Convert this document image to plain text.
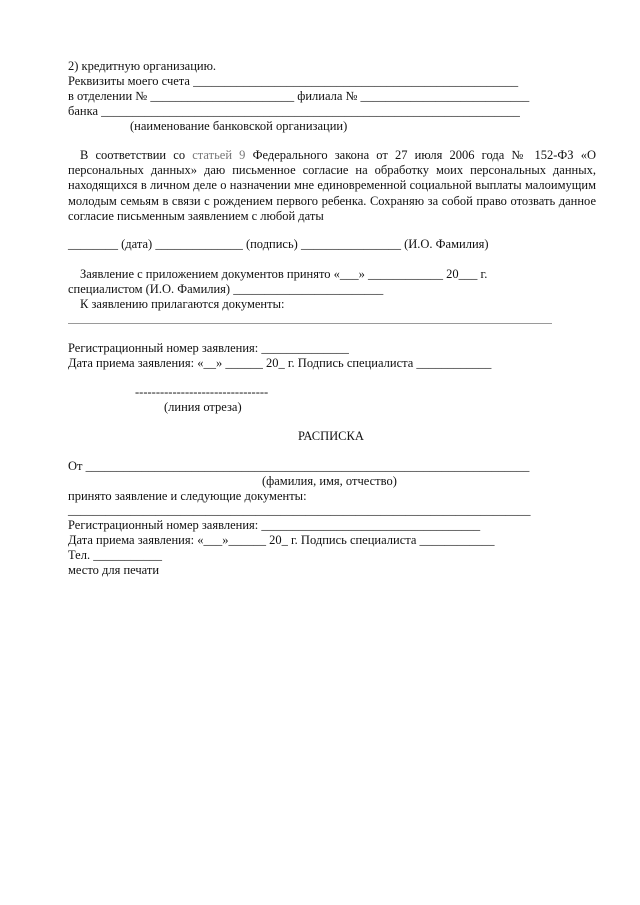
2) кредитную организацию.
Реквизиты моего счета ____________________________________________________
в отделении № _______________________ филиала № ___________________________
банка ___________________________________________________________________
(наименование банковской организации)

В соответствии со статьей 9 Федерального закона от 27 июля 2006 года № 152-ФЗ «О персональных данных» даю письменное согласие на обработку моих персональных данных, находящихся в личном деле о назначении мне единовременной социальной выплаты малоимущим молодым семьям в связи с рождением первого ребенка. Сохраняю за собой право отозвать данное согласие письменным заявлением с любой даты

________ (дата) ______________ (подпись) ________________ (И.О. Фамилия)
Заявление с приложением документов принято «___» ____________ 20___ г.
специалистом (И.О. Фамилия) ________________________
К заявлению прилагаются документы:
Регистрационный номер заявления: ______________
Дата приема заявления: «__» ______ 20_ г. Подпись специалиста ____________
--------------------------------
(линия отреза)
РАСПИСКА
От _______________________________________________________________________
(фамилия, имя, отчество)
принято заявление и следующие документы:
__________________________________________________________________________
Регистрационный номер заявления: ___________________________________
Дата приема заявления: «___»______ 20_ г. Подпись специалиста ____________
Тел. ___________
место для печати
